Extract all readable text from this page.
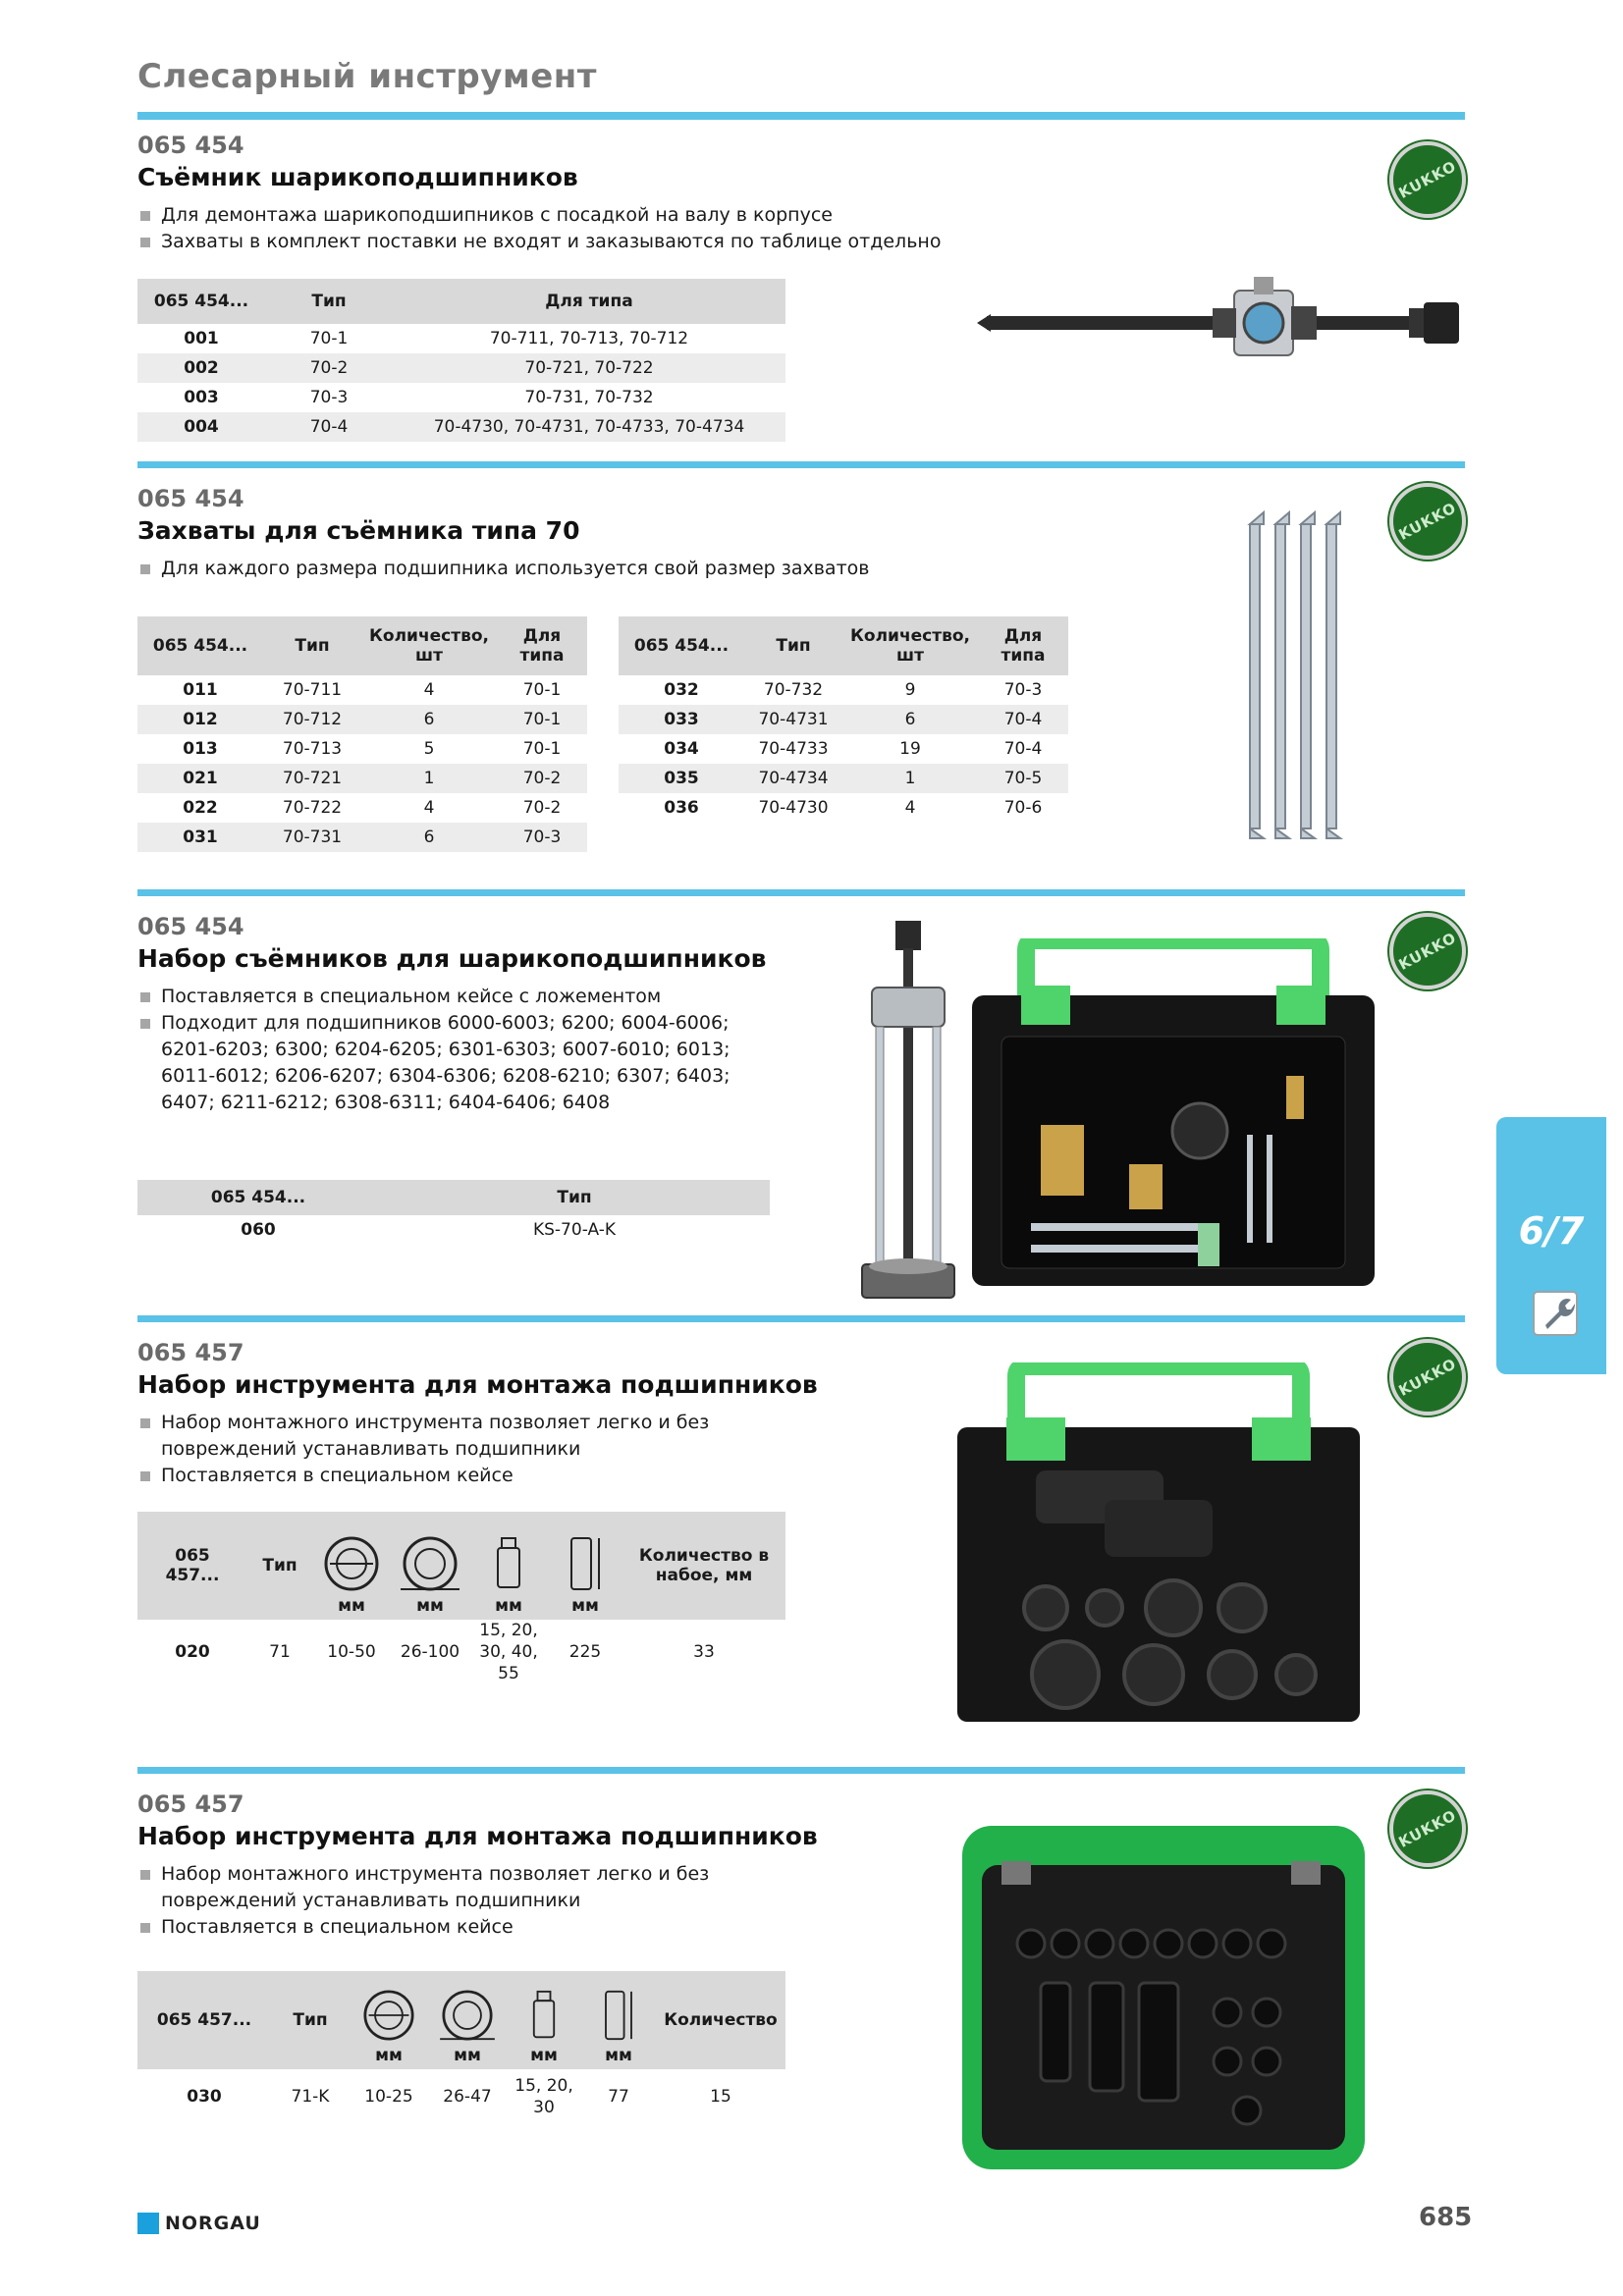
Слесарный инструмент
065 454
Съёмник шарикоподшипников
Для демонтажа шарикоподшипников с посадкой на валу в корпусе
Захваты в комплект поставки не входят и заказываются по таблице отдельно
065 454...	Тип	Для типа
001	70-1	70-711, 70-713, 70-712
002	70-2	70-721, 70-722
003	70-3	70-731, 70-732
004	70-4	70-4730, 70-4731, 70-4733, 70-4734
KUKKO
065 454
Захваты для съёмника типа 70
Для каждого размера подшипника используется свой размер захватов
065 454...	Тип	Количество, шт	Для типа
011	70-711	4	70-1
012	70-712	6	70-1
013	70-713	5	70-1
021	70-721	1	70-2
022	70-722	4	70-2
031	70-731	6	70-3
065 454...	Тип	Количество, шт	Для типа
032	70-732	9	70-3
033	70-4731	6	70-4
034	70-4733	19	70-4
035	70-4734	1	70-5
036	70-4730	4	70-6
KUKKO
065 454
Набор съёмников для шарикоподшипников
Поставляется в специальном кейсе с ложементом
Подходит для подшипников 6000-6003; 6200; 6004-6006; 6201-6203; 6300; 6204-6205; 6301-6303; 6007-6010; 6013; 6011-6012; 6206-6207; 6304-6306; 6208-6210; 6307; 6403; 6407; 6211-6212; 6308-6311; 6404-6406; 6408
065 454...	Тип
060	KS-70-A-K
KUKKO
065 457
Набор инструмента для монтажа подшипников
Набор монтажного инструмента позволяет легко и без повреждений устанавливать подшипники
Поставляется в специальном кейсе
065 457...	Тип	мм	мм	мм	мм	Количество в набое, мм
020	71	10-50	26-100	15, 20, 30, 40, 55	225	33
KUKKO
065 457
Набор инструмента для монтажа подшипников
Набор монтажного инструмента позволяет легко и без повреждений устанавливать подшипники
Поставляется в специальном кейсе
065 457...	Тип	мм	мм	мм	мм	Количество
030	71-K	10-25	26-47	15, 20, 30	77	15
KUKKO
6/7
NORGAU	685
